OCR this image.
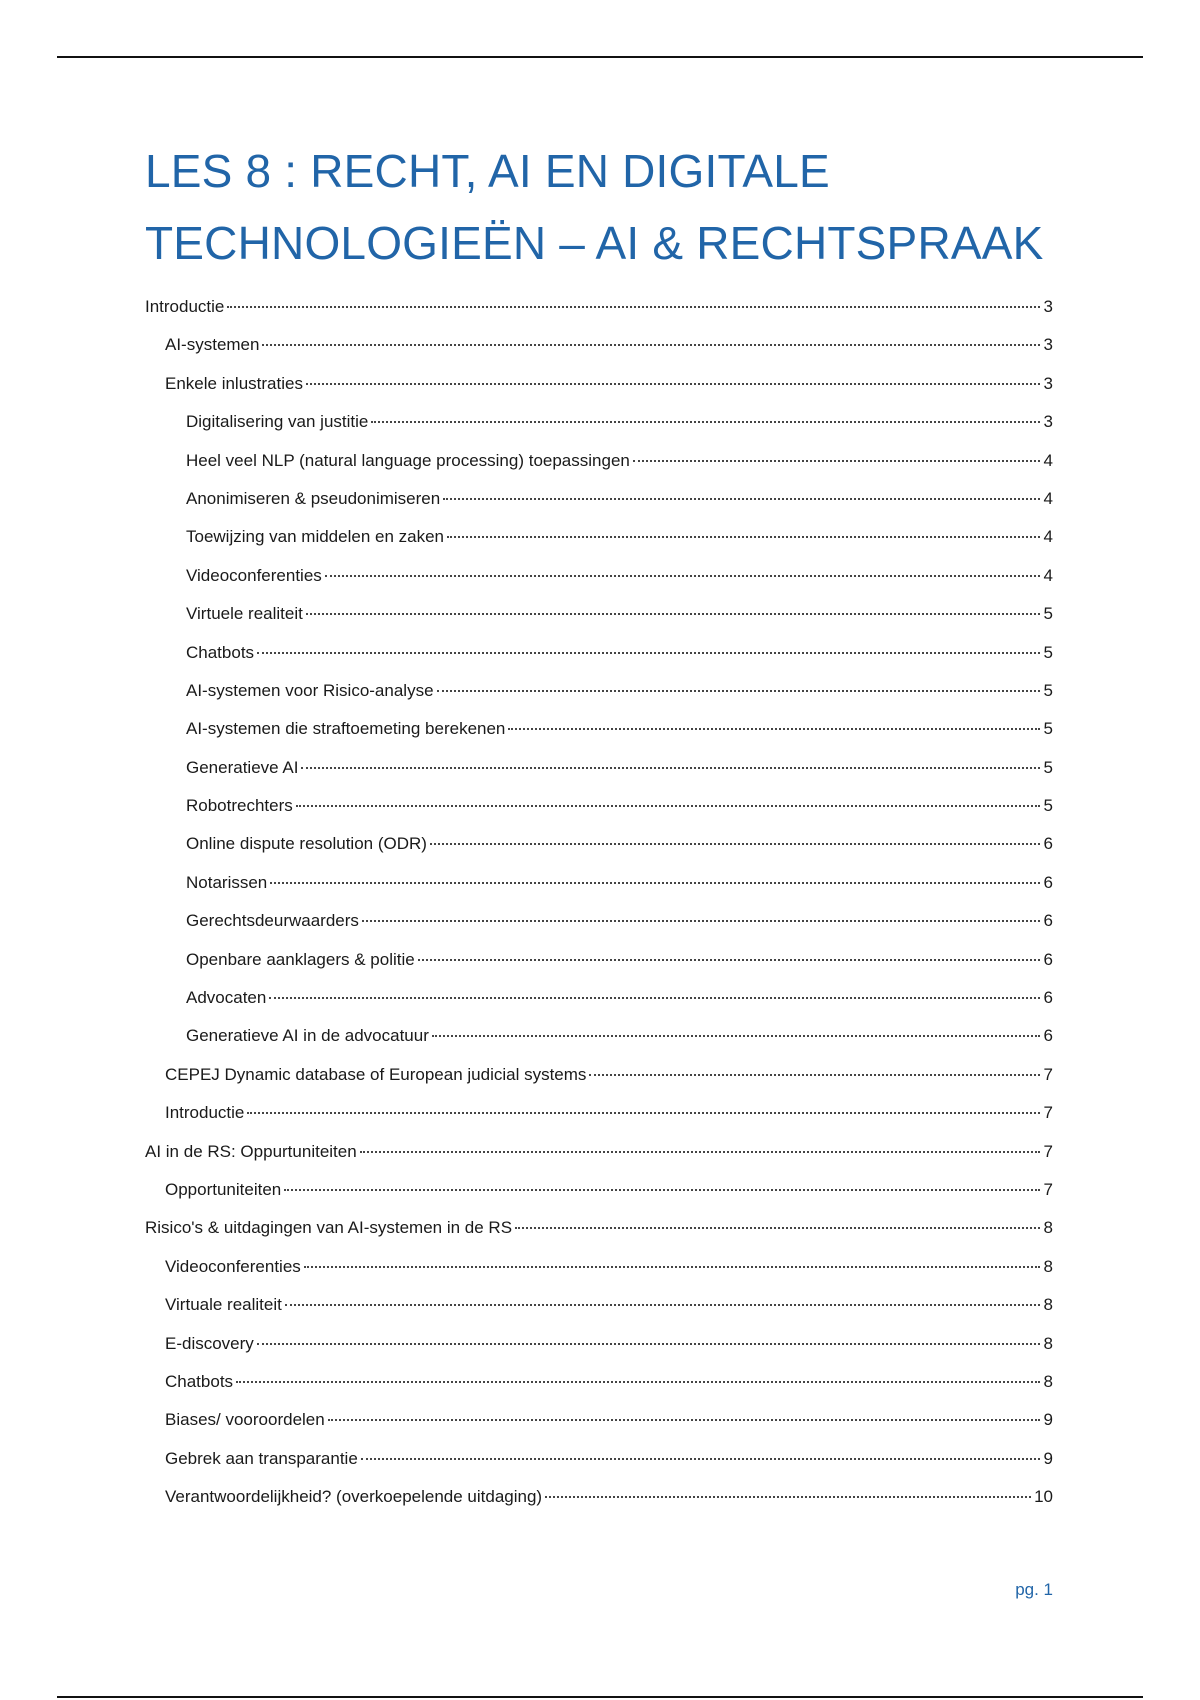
LES 8 : RECHT, AI EN DIGITALE
TECHNOLOGIEËN – AI & RECHTSPRAAK
Introductie	3
AI-systemen	3
Enkele inlustraties	3
Digitalisering van justitie	3
Heel veel NLP (natural language processing) toepassingen	4
Anonimiseren & pseudonimiseren	4
Toewijzing van middelen en zaken	4
Videoconferenties	4
Virtuele realiteit	5
Chatbots	5
AI-systemen voor Risico-analyse	5
AI-systemen die straftoemeting berekenen	5
Generatieve AI	5
Robotrechters	5
Online dispute resolution (ODR)	6
Notarissen	6
Gerechtsdeurwaarders	6
Openbare aanklagers & politie	6
Advocaten	6
Generatieve AI in de advocatuur	6
CEPEJ Dynamic database of European judicial systems	7
Introductie	7
AI in de RS: Oppurtuniteiten	7
Opportuniteiten	7
Risico's & uitdagingen van AI-systemen in de RS	8
Videoconferenties	8
Virtuale realiteit	8
E-discovery	8
Chatbots	8
Biases/ vooroordelen	9
Gebrek aan transparantie	9
Verantwoordelijkheid? (overkoepelende uitdaging)	10
pg. 1
